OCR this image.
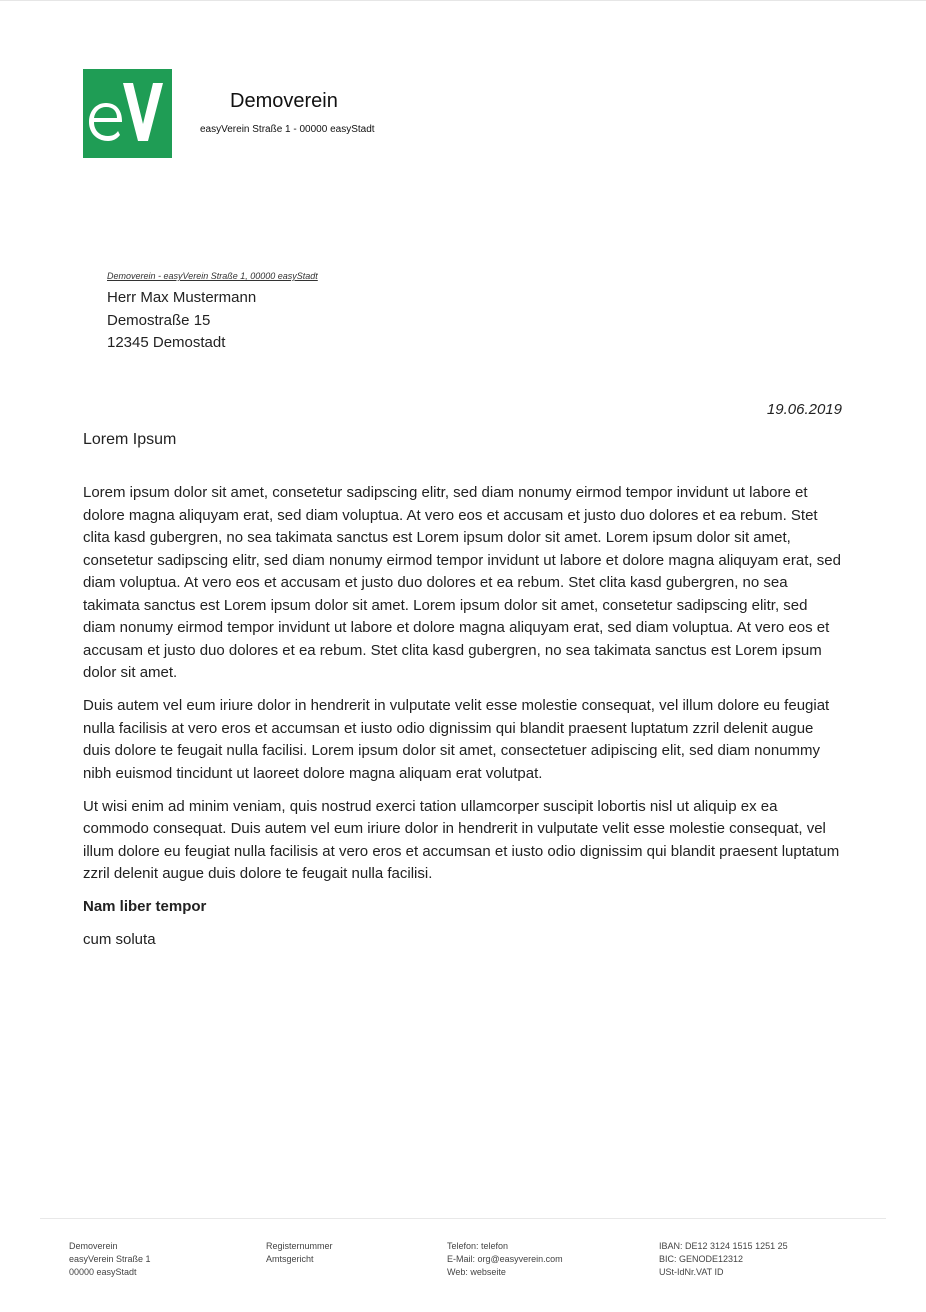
Demoverein
easyVerein Straße 1 - 00000 easyStadt
Demoverein - easyVerein Straße 1, 00000 easyStadt
Herr Max Mustermann
Demostraße 15
12345 Demostadt
19.06.2019
Lorem Ipsum

Lorem ipsum dolor sit amet, consetetur sadipscing elitr, sed diam nonumy eirmod tempor invidunt ut labore et dolore magna aliquyam erat, sed diam voluptua. At vero eos et accusam et justo duo dolores et ea rebum. Stet clita kasd gubergren, no sea takimata sanctus est Lorem ipsum dolor sit amet. Lorem ipsum dolor sit amet, consetetur sadipscing elitr, sed diam nonumy eirmod tempor invidunt ut labore et dolore magna aliquyam erat, sed diam voluptua. At vero eos et accusam et justo duo dolores et ea rebum. Stet clita kasd gubergren, no sea takimata sanctus est Lorem ipsum dolor sit amet. Lorem ipsum dolor sit amet, consetetur sadipscing elitr, sed diam nonumy eirmod tempor invidunt ut labore et dolore magna aliquyam erat, sed diam voluptua. At vero eos et accusam et justo duo dolores et ea rebum. Stet clita kasd gubergren, no sea takimata sanctus est Lorem ipsum dolor sit amet.

Duis autem vel eum iriure dolor in hendrerit in vulputate velit esse molestie consequat, vel illum dolore eu feugiat nulla facilisis at vero eros et accumsan et iusto odio dignissim qui blandit praesent luptatum zzril delenit augue duis dolore te feugait nulla facilisi. Lorem ipsum dolor sit amet, consectetuer adipiscing elit, sed diam nonummy nibh euismod tincidunt ut laoreet dolore magna aliquam erat volutpat.

Ut wisi enim ad minim veniam, quis nostrud exerci tation ullamcorper suscipit lobortis nisl ut aliquip ex ea commodo consequat. Duis autem vel eum iriure dolor in hendrerit in vulputate velit esse molestie consequat, vel illum dolore eu feugiat nulla facilisis at vero eros et accumsan et iusto odio dignissim qui blandit praesent luptatum zzril delenit augue duis dolore te feugait nulla facilisi.

Nam liber tempor

cum soluta

Demoverein
easyVerein Straße 1
00000 easyStadt
Registernummer
Amtsgericht
Telefon: telefon
E-Mail: org@easyverein.com
Web: webseite
IBAN: DE12 3124 1515 1251 25
BIC: GENODE12312
USt-IdNr.VAT ID
